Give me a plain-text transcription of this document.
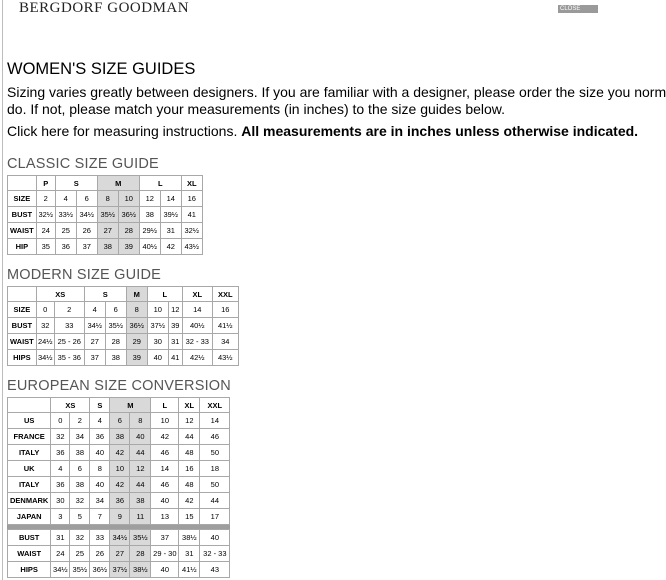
BERGDORF GOODMAN	CLOSE
WOMEN'S SIZE GUIDES
Sizing varies greatly between designers. If you are familiar with a designer, please order the size you norm
do. If not, please match your measurements (in inches) to the size guides below.
Click here for measuring instructions. All measurements are in inches unless otherwise indicated.
CLASSIC SIZE GUIDE
	P	S		M		L		XL
SIZE	2	4	6	8	10	12	14	16
BUST	32½	33½	34½	35½	36½	38	39½	41
WAIST	24	25	26	27	28	29½	31	32½
HIP	35	36	37	38	39	40½	42	43½
MODERN SIZE GUIDE
	XS		S		M	L		XL	XXL
SIZE	0	2	4	6	8	10	12	14	16
BUST	32	33	34½	35½	36½	37½	39	40½	41½
WAIST	24½	25 - 26	27	28	29	30	31	32 - 33	34
HIPS	34½	35 - 36	37	38	39	40	41	42½	43½
EUROPEAN SIZE CONVERSION
	XS		S	M		L	XL	XXL
US	0	2	4	6	8	10	12	14
FRANCE	32	34	36	38	40	42	44	46
ITALY	36	38	40	42	44	46	48	50
UK	4	6	8	10	12	14	16	18
ITALY	36	38	40	42	44	46	48	50
DENMARK	30	32	34	36	38	40	42	44
JAPAN	3	5	7	9	11	13	15	17

BUST	31	32	33	34½	35½	37	38½	40
WAIST	24	25	26	27	28	29 - 30	31	32 - 33
HIPS	34½	35½	36½	37½	38½	40	41½	43
